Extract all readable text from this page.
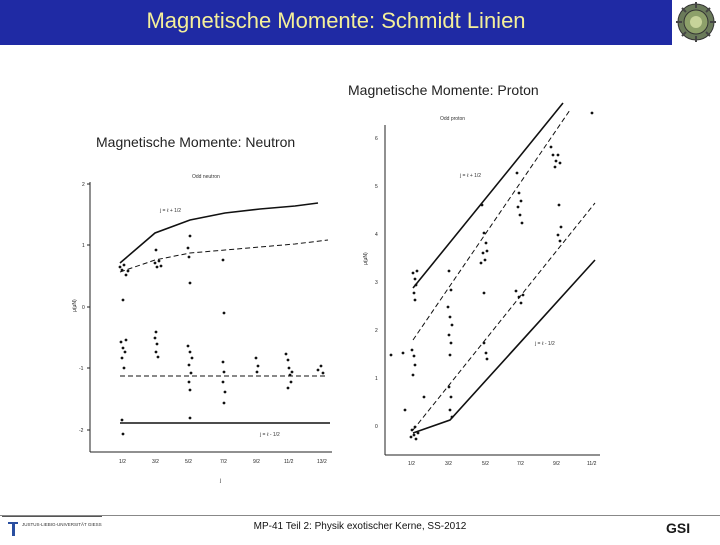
Magnetische Momente: Schmidt Linien
Magnetische Momente: Neutron
Odd neutron
2
1
0
-1
-2
μ(μN)
1/2	3/2	5/2	7/2	9/2	11/2	13/2
j
j = ℓ + 1/2
j = ℓ - 1/2
Magnetische Momente: Proton
Odd proton
0
1
2
3
4
5
6
μ(μN)
1/2	3/2	5/2	7/2	9/2	11/2
j = ℓ + 1/2
j = ℓ - 1/2
JUSTUS-LIEBIG-UNIVERSITÄT GIESSEN	MP-41 Teil 2: Physik exotischer Kerne, SS-2012	GSI
